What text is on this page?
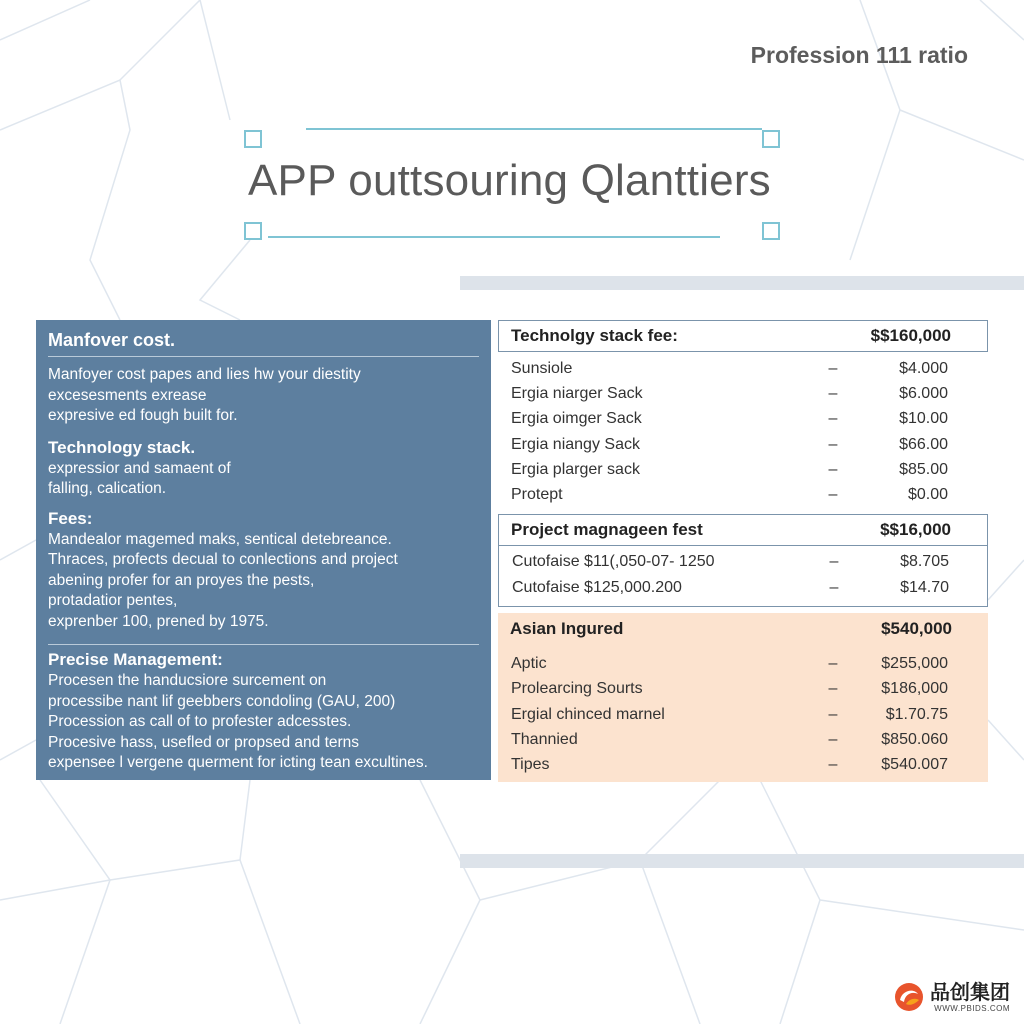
Profession 111 ratio
APP outtsouring Qlanttiers
Manfover cost.
Manfoyer cost papes and lies hw your diestity
excesesments exrease
expresive ed fough built for.
Technology stack.
expressior and samaent of
falling, calication.
Fees:
Mandealor magemed maks, sentical detebreance.
Thraces, profects decual to conlections and project
abening profer for an proyes the pests,
protadatior pentes,
exprenber 100, prened by 1975.
Precise Management:
Procesen the handucsiore surcement on
processibe nant lif geebbers condoling (GAU, 200)
Procession as call of to profester adcesstes.
Procesive hass, usefled or propsed and terns
expensee l vergene querment for icting tean excultines.
Technolgy stack fee:	$$160,000
Sunsiole	–	$4.000
Ergia niarger Sack	–	$6.000
Ergia oimger Sack	–	$10.00
Ergia niangy Sack	–	$66.00
Ergia plarger sack	–	$85.00
Protept	–	$0.00
Project magnageen fest	$$16,000
Cutofaise $11(,050-07- 1250	–	$8.705
Cutofaise $125,000.200	–	$14.70
Asian Ingured	$540,000
Aptic	–	$255,000
Prolearcing Sourts	–	$186,000
Ergial chinced marnel	–	$1.70.75
Thannied	–	$850.060
Tipes	–	$540.007
品创集团
WWW.PBIDS.COM
